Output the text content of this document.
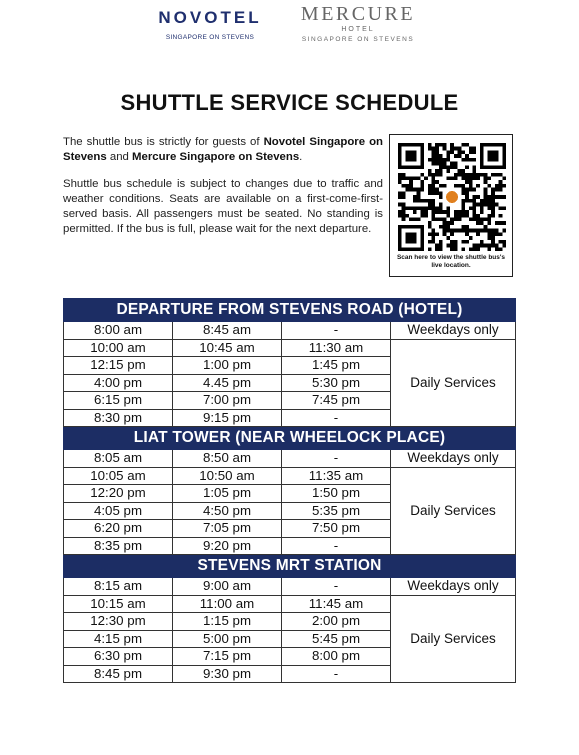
NOVOTEL
SINGAPORE ON STEVENS
MERCURE
HOTEL
SINGAPORE ON STEVENS
SHUTTLE SERVICE SCHEDULE

The shuttle bus is strictly for guests of Novotel Singapore on Stevens and Mercure Singapore on Stevens.

Shuttle bus schedule is subject to changes due to traffic and weather conditions. Seats are available on a first-come-first-served basis. All passengers must be seated. No standing is permitted. If the bus is full, please wait for the next departure.

Scan here to view the shuttle bus's live location.
DEPARTURE FROM STEVENS ROAD (HOTEL)			
8:00 am	8:45 am	-	Weekdays only
10:00 am	10:45 am	11:30 am	Daily Services
12:15 pm	1:00 pm	1:45 pm	
4:00 pm	4.45 pm	5:30 pm	
6:15 pm	7:00 pm	7:45 pm	
8:30 pm	9:15 pm	-	
LIAT TOWER (NEAR WHEELOCK PLACE)			
8:05 am	8:50 am	-	Weekdays only
10:05 am	10:50 am	11:35 am	Daily Services
12:20 pm	1:05 pm	1:50 pm	
4:05 pm	4:50 pm	5:35 pm	
6:20 pm	7:05 pm	7:50 pm	
8:35 pm	9:20 pm	-	
STEVENS MRT STATION			
8:15 am	9:00 am	-	Weekdays only
10:15 am	11:00 am	11:45 am	Daily Services
12:30 pm	1:15 pm	2:00 pm	
4:15 pm	5:00 pm	5:45 pm	
6:30 pm	7:15 pm	8:00 pm	
8:45 pm	9:30 pm	-	
